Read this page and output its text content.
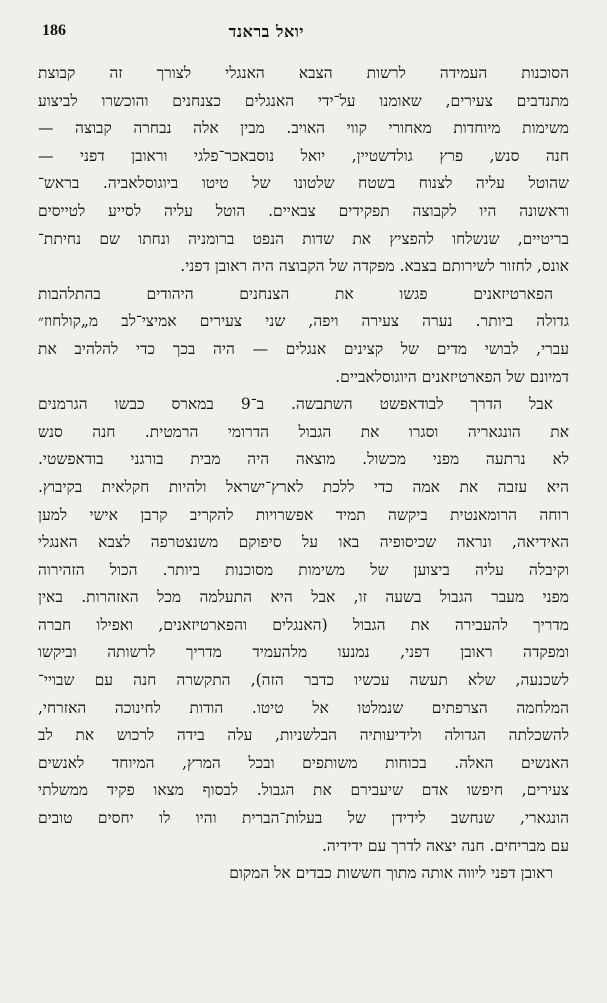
יואל בראנד
186
הסוכנות העמידה לרשות הצבא האנגלי לצורך זה קבוצת
מתנדבים צעירים, שאומנו על־ידי האנגלים כצנחנים והוכשרו לביצוע
משימות מיוחדות מאחורי קווי האויב. מבין אלה נבחרה קבוצה —
חנה סנש, פרץ גולדשטיין, יואל נוסבאכר־פלגי וראובן דפני —
שהוטל עליה לצנוח בשטח שלטונו של טיטו ביוגוסלאביה. בראש־
וראשונה היו לקבוצה תפקידים צבאיים. הוטל עליה לסייע לטייסים
בריטיים, שנשלחו להפציץ את שדות הנפט ברומניה ונחתו שם נחיתת־
אונס, לחזור לשירותם בצבא. מפקדה של הקבוצה היה ראובן דפני.
הפארטיזאנים פגשו את הצנחנים היהודים בהתלהבות
גדולה ביותר. נערה צעירה ויפה, שני צעירים אמיצי־לב מ„קולחוז״
עברי, לבושי מדים של קצינים אנגלים — היה בכך כדי להלהיב את
דמיונם של הפארטיזאנים היוגוסלאביים.
אבל הדרך לבודאפשט השתבשה. ב־9 במארס כבשו הגרמנים
את הונגאריה וסגרו את הגבול הדרומי הרמטית. חנה סנש
לא נרתעה מפני מכשול. מוצאה היה מבית בורגני בודאפשטי.
היא עזבה את אמה כדי ללכת לארץ־ישראל ולהיות חקלאית בקיבוץ.
רוחה הרומאנטית ביקשה תמיד אפשרויות להקריב קרבן אישי למען
האידיאה, ונראה שכיסופיה באו על סיפוקם משנצטרפה לצבא האנגלי
וקיבלה עליה ביצוען של משימות מסוכנות ביותר. הכול הזהירוה
מפני מעבר הגבול בשעה זו, אבל היא התעלמה מכל האזהרות. באין
מדריך להעבירה את הגבול (האנגלים והפארטיזאנים, ואפילו חברה
ומפקדה ראובן דפני, נמנעו מלהעמיד מדריך לרשותה וביקשו
לשכנעה, שלא תעשה עכשיו כדבר הזה), התקשרה חנה עם שבויי־
המלחמה הצרפתים שנמלטו אל טיטו. הודות לחינוכה האזרחי,
להשכלתה הגדולה ולידיעותיה הבלשניות, עלה בידה לרכוש את לב
האנשים האלה. בכוחות משותפים ובכל המרץ, המיוחד לאנשים
צעירים, חיפשו אדם שיעבירם את הגבול. לבסוף מצאו פקיד ממשלתי
הונגארי, שנחשב לידידן של בעלות־הברית והיו לו יחסים טובים
עם מבריחים. חנה יצאה לדרך עם ידידיה.
ראובן דפני ליווה אותה מתוך חששות כבדים אל המקום
